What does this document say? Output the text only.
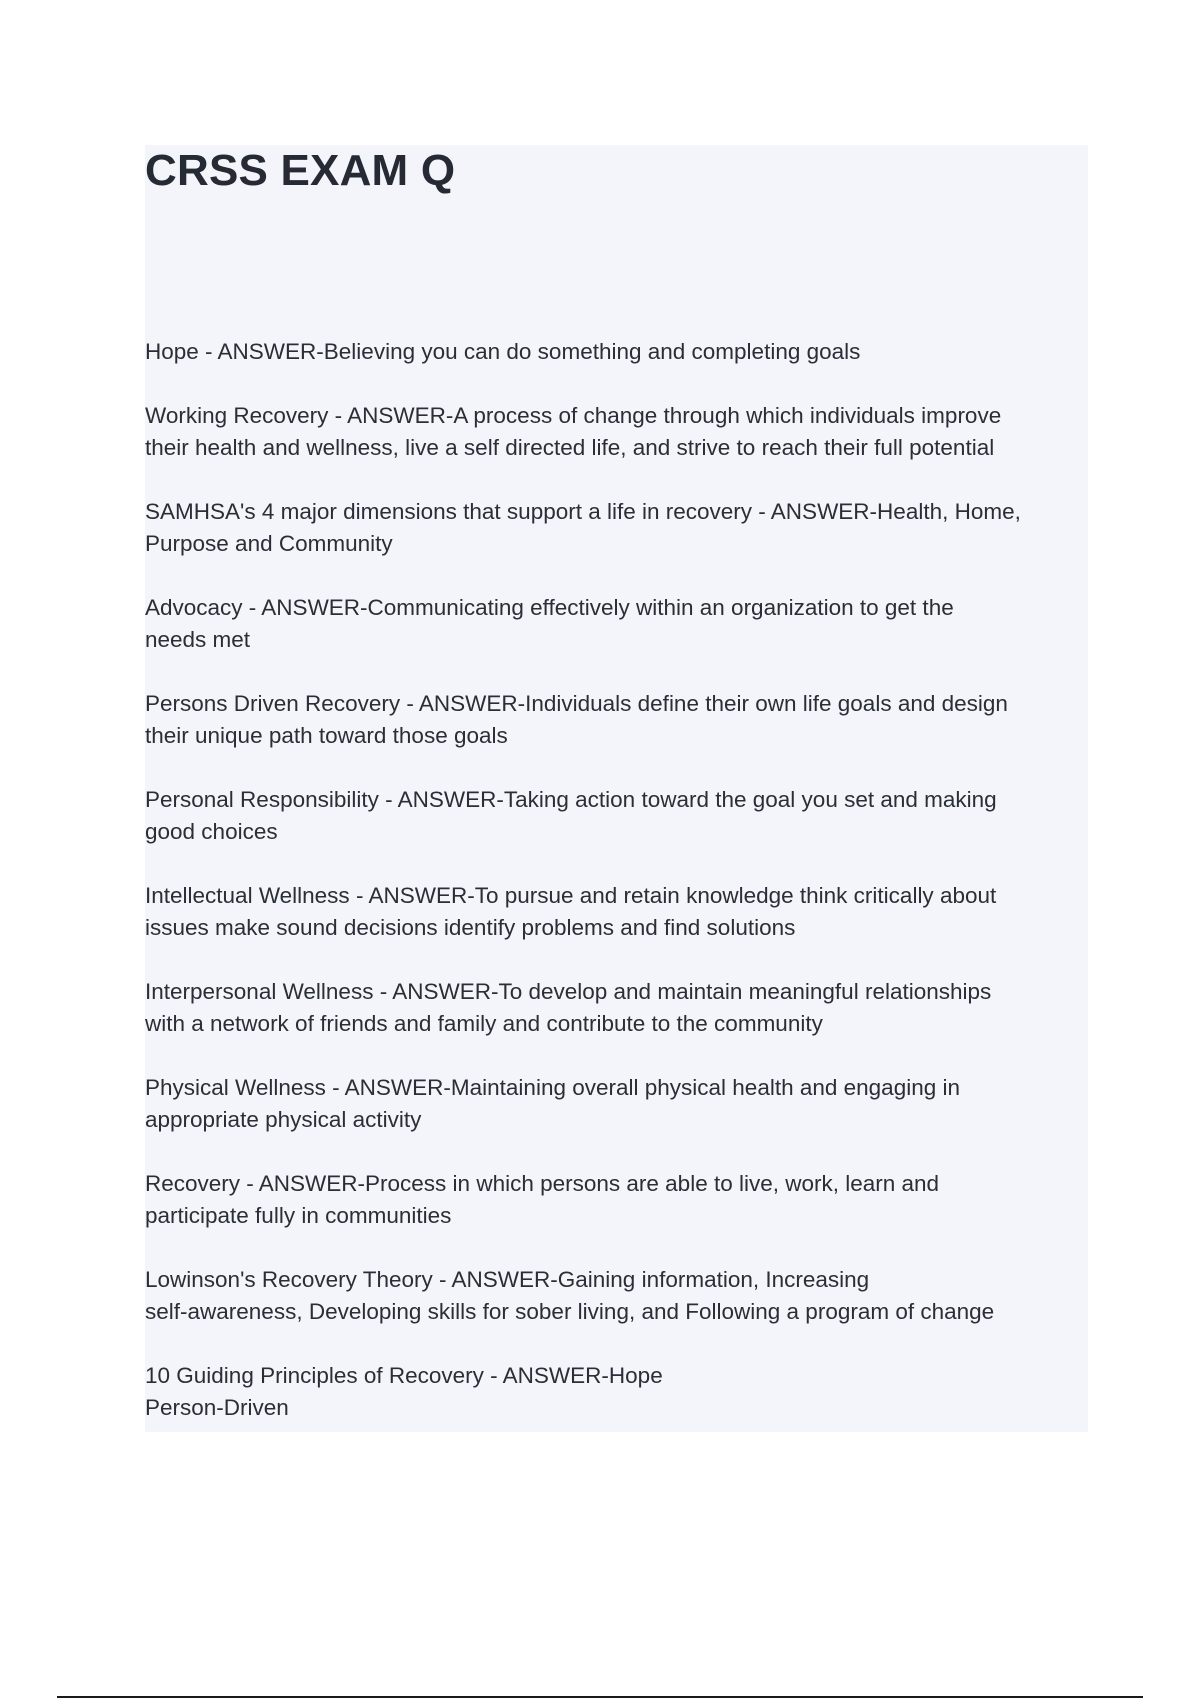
CRSS EXAM Q
Hope - ANSWER-Believing you can do something and completing goals
Working Recovery - ANSWER-A process of change through which individuals improve
their health and wellness, live a self directed life, and strive to reach their full potential
SAMHSA's 4 major dimensions that support a life in recovery - ANSWER-Health, Home,
Purpose and Community
Advocacy - ANSWER-Communicating effectively within an organization to get the
needs met
Persons Driven Recovery - ANSWER-Individuals define their own life goals and design
their unique path toward those goals
Personal Responsibility - ANSWER-Taking action toward the goal you set and making
good choices
Intellectual Wellness - ANSWER-To pursue and retain knowledge think critically about
issues make sound decisions identify problems and find solutions
Interpersonal Wellness - ANSWER-To develop and maintain meaningful relationships
with a network of friends and family and contribute to the community
Physical Wellness - ANSWER-Maintaining overall physical health and engaging in
appropriate physical activity
Recovery - ANSWER-Process in which persons are able to live, work, learn and
participate fully in communities
Lowinson's Recovery Theory - ANSWER-Gaining information, Increasing
self-awareness, Developing skills for sober living, and Following a program of change
10 Guiding Principles of Recovery - ANSWER-Hope
Person-Driven
